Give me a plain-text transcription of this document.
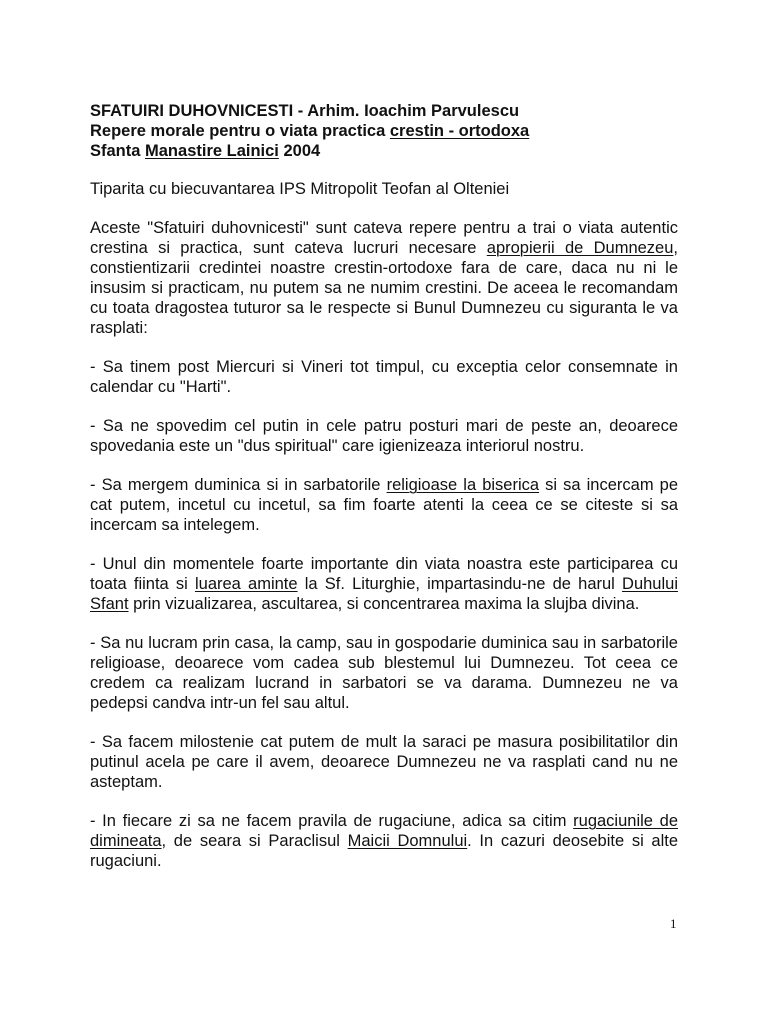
SFATUIRI DUHOVNICESTI - Arhim. Ioachim Parvulescu
Repere morale pentru o viata practica crestin - ortodoxa
Sfanta Manastire Lainici 2004
Tiparita cu biecuvantarea IPS Mitropolit Teofan al Olteniei

Aceste "Sfatuiri duhovnicesti" sunt cateva repere pentru a trai o viata autentic crestina si practica, sunt cateva lucruri necesare apropierii de Dumnezeu, constientizarii credintei noastre crestin-ortodoxe fara de care, daca nu ni le insusim si practicam, nu putem sa ne numim crestini. De aceea le recomandam cu toata dragostea tuturor sa le respecte si Bunul Dumnezeu cu siguranta le va rasplati:

- Sa tinem post Miercuri si Vineri tot timpul, cu exceptia celor consemnate in calendar cu "Harti".

- Sa ne spovedim cel putin in cele patru posturi mari de peste an, deoarece spovedania este un "dus spiritual" care igienizeaza interiorul nostru.

- Sa mergem duminica si in sarbatorile religioase la biserica si sa incercam pe cat putem, incetul cu incetul, sa fim foarte atenti la ceea ce se citeste si sa incercam sa intelegem.

- Unul din momentele foarte importante din viata noastra este participarea cu toata fiinta si luarea aminte la Sf. Liturghie, impartasindu-ne de harul Duhului Sfant prin vizualizarea, ascultarea, si concentrarea maxima la slujba divina.

- Sa nu lucram prin casa, la camp, sau in gospodarie duminica sau in sarbatorile religioase, deoarece vom cadea sub blestemul lui Dumnezeu. Tot ceea ce credem ca realizam lucrand in sarbatori se va darama. Dumnezeu ne va pedepsi candva intr-un fel sau altul.

- Sa facem milostenie cat putem de mult la saraci pe masura posibilitatilor din putinul acela pe care il avem, deoarece Dumnezeu ne va rasplati cand nu ne asteptam.

- In fiecare zi sa ne facem pravila de rugaciune, adica sa citim rugaciunile de dimineata, de seara si Paraclisul Maicii Domnului. In cazuri deosebite si alte rugaciuni.

1
